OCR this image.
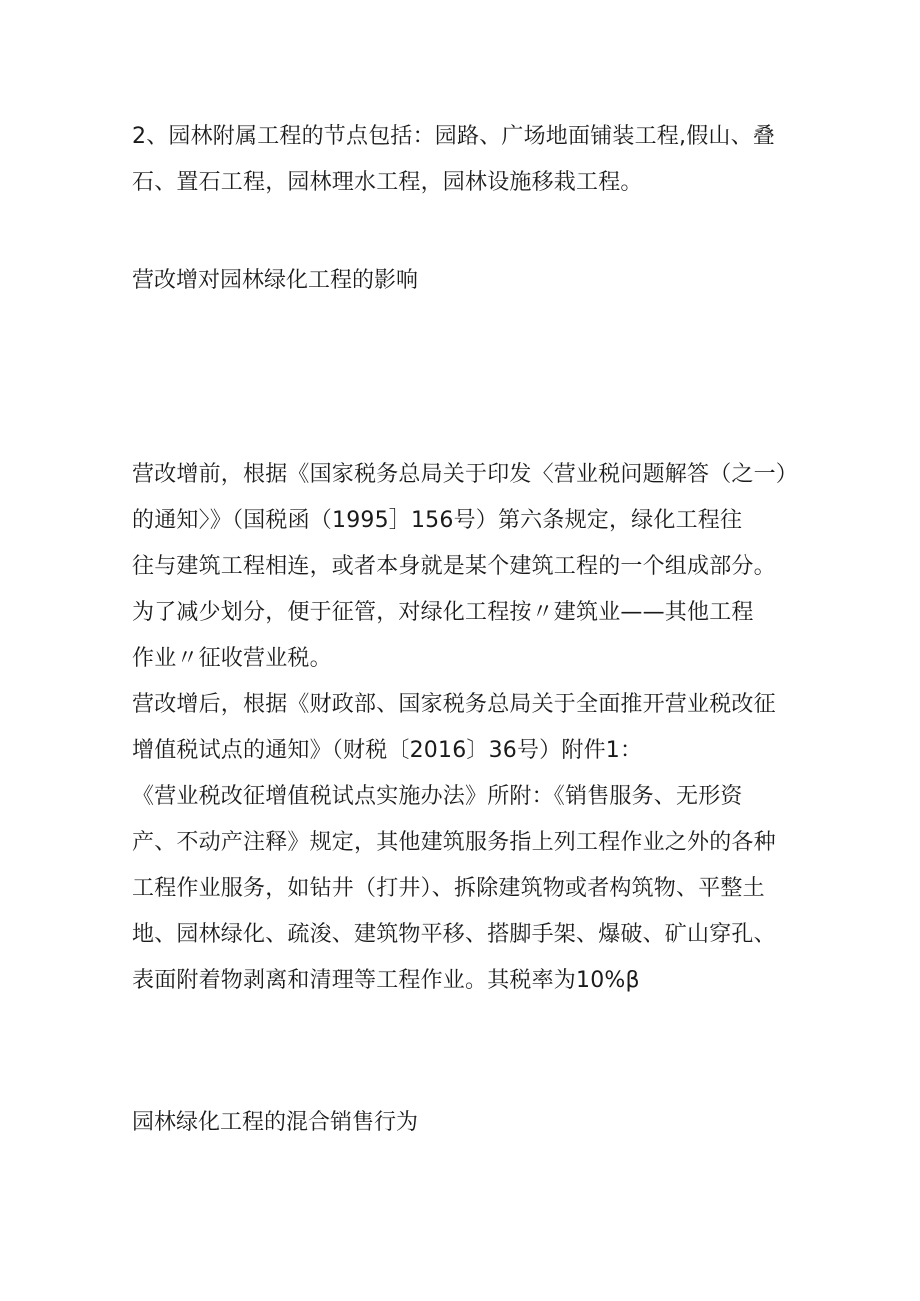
2、园林附属工程的节点包括：园路、广场地面铺装工程,假山、叠
石、置石工程，园林理水工程，园林设施移栽工程。
营改增对园林绿化工程的影响
营改增前，根据《国家税务总局关于印发〈营业税问题解答（之一）
的通知〉》（国税函（1995］156号）第六条规定，绿化工程往
往与建筑工程相连，或者本身就是某个建筑工程的一个组成部分。
为了减少划分，便于征管，对绿化工程按〃建筑业——其他工程
作业〃征收营业税。
营改增后，根据《财政部、国家税务总局关于全面推开营业税改征
增值税试点的通知》（财税〔2016〕36号）附件1：
《营业税改征增值税试点实施办法》所附：《销售服务、无形资
产、不动产注释》规定，其他建筑服务指上列工程作业之外的各种
工程作业服务，如钻井（打井）、拆除建筑物或者构筑物、平整土
地、园林绿化、疏浚、建筑物平移、搭脚手架、爆破、矿山穿孔、
表面附着物剥离和清理等工程作业。其税率为10%β
园林绿化工程的混合销售行为
